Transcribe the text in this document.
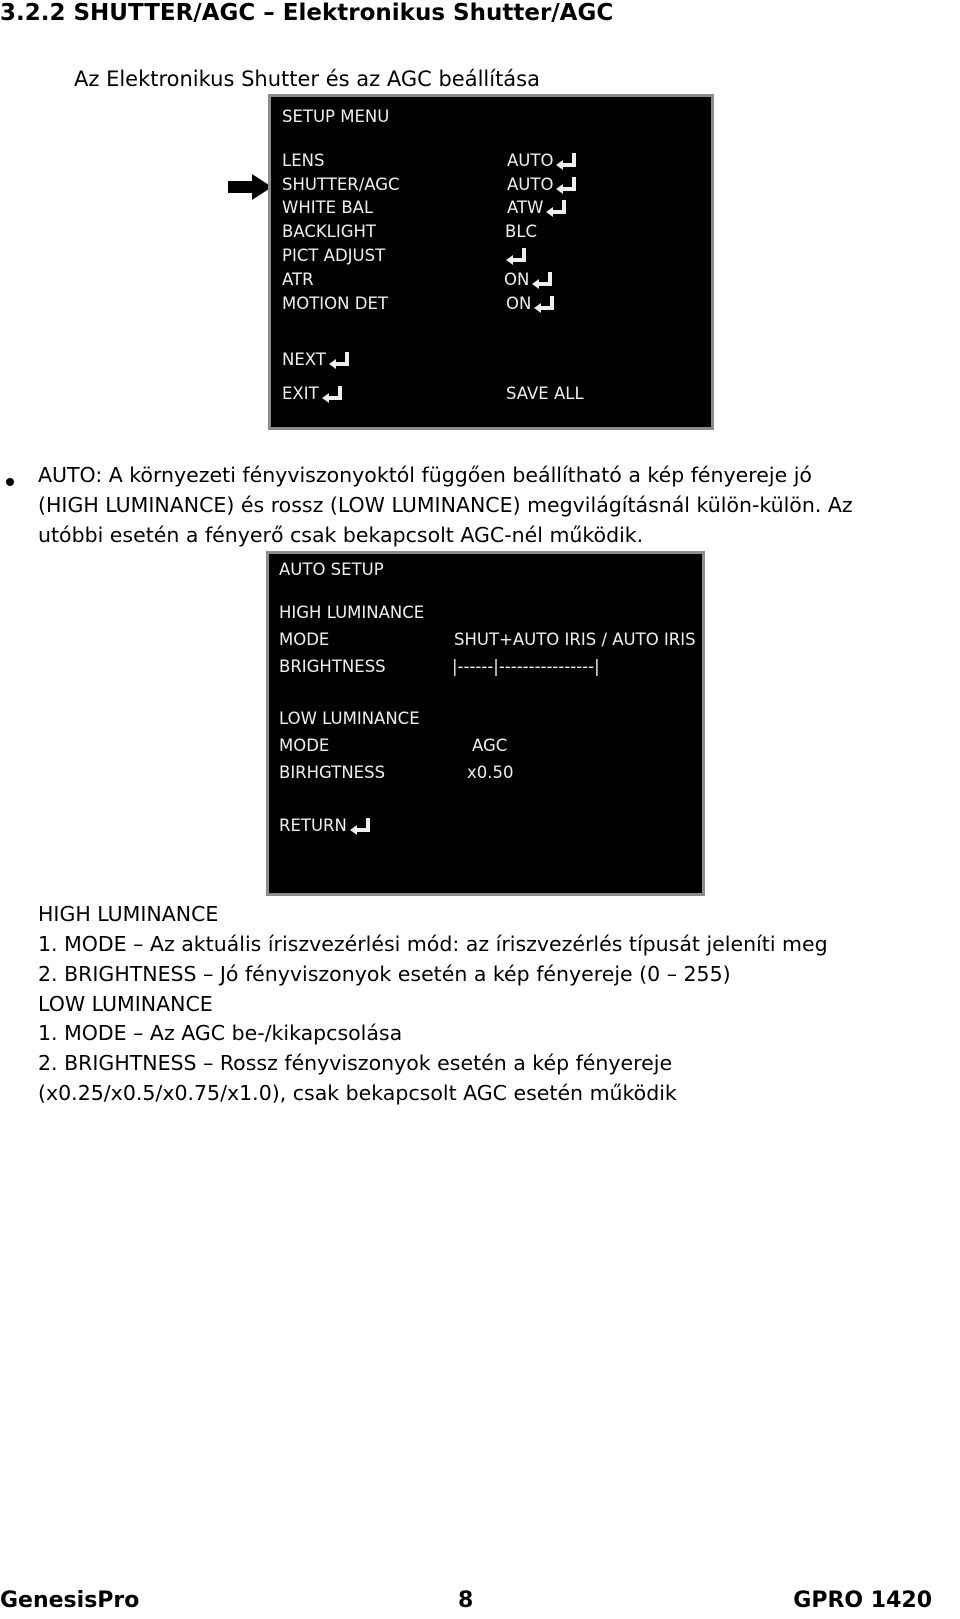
3.2.2 SHUTTER/AGC – Elektronikus Shutter/AGC
Az Elektronikus Shutter és az AGC beállítása
SETUP MENU
LENS	AUTO
SHUTTER/AGC	AUTO
WHITE BAL	ATW
BACKLIGHT	BLC
PICT ADJUST
ATR	ON
MOTION DET	ON
NEXT
EXIT	SAVE ALL
AUTO: A környezeti fényviszonyoktól függően beállítható a kép fényereje jó
(HIGH LUMINANCE) és rossz (LOW LUMINANCE) megvilágításnál külön-külön. Az
utóbbi esetén a fényerő csak bekapcsolt AGC-nél működik.
AUTO SETUP
HIGH LUMINANCE
MODE	SHUT+AUTO IRIS / AUTO IRIS
BRIGHTNESS	|------|----------------|
LOW LUMINANCE
MODE	AGC
BIRHGTNESS	x0.50
RETURN
HIGH LUMINANCE
1. MODE – Az aktuális íriszvezérlési mód: az íriszvezérlés típusát jeleníti meg
2. BRIGHTNESS – Jó fényviszonyok esetén a kép fényereje (0 – 255)
LOW LUMINANCE
1. MODE – Az AGC be-/kikapcsolása
2. BRIGHTNESS – Rossz fényviszonyok esetén a kép fényereje
(x0.25/x0.5/x0.75/x1.0), csak bekapcsolt AGC esetén működik
GenesisPro	8	GPRO 1420
